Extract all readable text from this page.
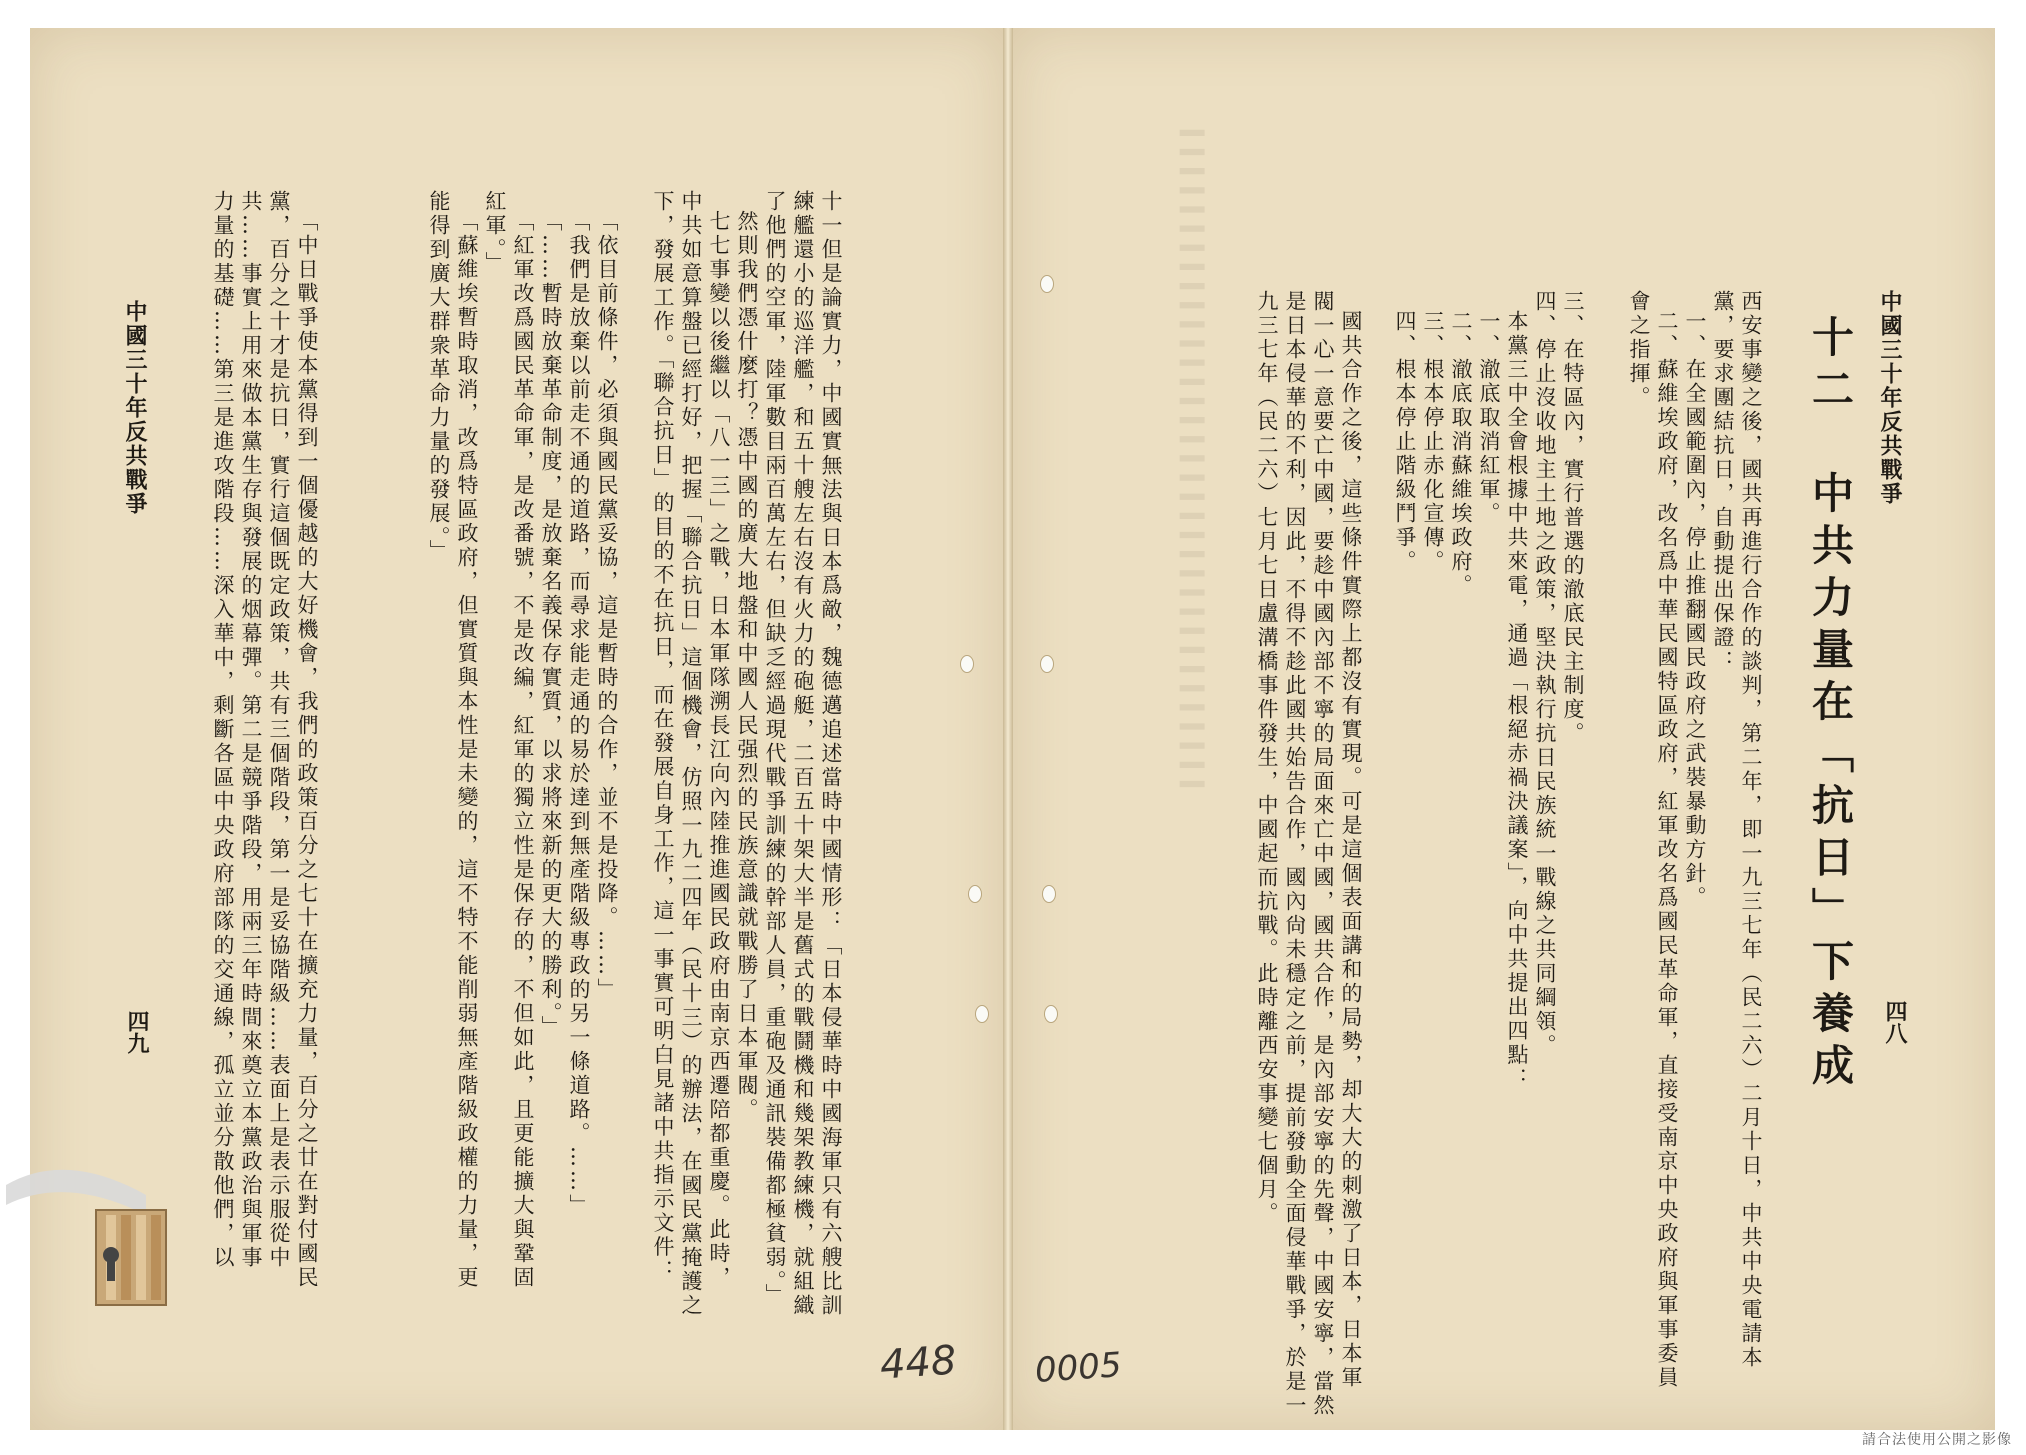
▍▍▍▍▍▍▍▍▍▍▍▍▍▍▍▍▍▍▍▍▍▍▍▍▍▍▍▍▍▍▍▍▍▍▍	中國三十年反共戰爭
四八
十二　中共力量在「抗日」下養成
西安事變之後，國共再進行合作的談判，第二年，即一九三七年（民二六）二月十日，中共中央電請本
黨，要求團結抗日，自動提出保證：
一、在全國範圍內，停止推翻國民政府之武裝暴動方針。
二、蘇維埃政府，改名爲中華民國特區政府，紅軍改名爲國民革命軍，直接受南京中央政府與軍事委員
會之指揮。
三、在特區內，實行普選的澈底民主制度。
四、停止沒收地主土地之政策，堅決執行抗日民族統一戰線之共同綱領。
本黨三中全會根據中共來電，通過「根絕赤禍決議案」，向中共提出四點：
一、澈底取消紅軍。
二、澈底取消蘇維埃政府。
三、根本停止赤化宣傳。
四、根本停止階級鬥爭。
國共合作之後，這些條件實際上都沒有實現。可是這個表面講和的局勢，却大大的刺激了日本，日本軍
閥一心一意要亡中國，要趁中國內部不寧的局面來亡中國，國共合作，是內部安寧的先聲，中國安寧，當然
是日本侵華的不利，因此，不得不趁此國共始告合作，國內尙未穩定之前，提前發動全面侵華戰爭，於是一
九三七年（民二六）七月七日盧溝橋事件發生，中國起而抗戰。此時離西安事變七個月。
十一但是論實力，中國實無法與日本爲敵，魏德邁追述當時中國情形：「日本侵華時中國海軍只有六艘比訓
練艦還小的巡洋艦，和五十艘左右沒有火力的砲艇，二百五十架大半是舊式的戰鬪機和幾架教練機，就組織
了他們的空軍，陸軍數目兩百萬左右，但缺乏經過現代戰爭訓練的幹部人員，重砲及通訊裝備都極貧弱。」
然則我們憑什麼打？憑中國的廣大地盤和中國人民强烈的民族意識就戰勝了日本軍閥。
七七事變以後繼以「八一三」之戰，日本軍隊溯長江向內陸推進國民政府由南京西遷陪都重慶。此時，
中共如意算盤已經打好，把握「聯合抗日」這個機會，仿照一九二四年（民十三）的辦法，在國民黨掩護之
下，發展工作。「聯合抗日」的目的不在抗日，而在發展自身工作，這一事實可明白見諸中共指示文件：
「依目前條件，必須與國民黨妥協，這是暫時的合作，並不是投降。……」
「我們是放棄以前走不通的道路，而尋求能走通的易於達到無產階級專政的另一條道路。……」
「……暫時放棄革命制度，是放棄名義保存實質，以求將來新的更大的勝利。」
「紅軍改爲國民革命軍，是改番號，不是改編，紅軍的獨立性是保存的，不但如此，且更能擴大與鞏固
紅軍。」
「蘇維埃暫時取消，改爲特區政府，但實質與本性是未變的，這不特不能削弱無產階級政權的力量，更
能得到廣大群衆革命力量的發展。」
「中日戰爭使本黨得到一個優越的大好機會，我們的政策百分之七十在擴充力量，百分之廿在對付國民
黨，百分之十才是抗日，實行這個既定政策，共有三個階段，第一是妥協階級……表面上是表示服從中
共……事實上用來做本黨生存與發展的烟幕彈。第二是競爭階段，用兩三年時間來奠立本黨政治與軍事
力量的基礎……第三是進攻階段……深入華中，剩斷各區中央政府部隊的交通線，孤立並分散他們，以
中國三十年反共戰爭
四九
448 0005
請合法使用公開之影像
